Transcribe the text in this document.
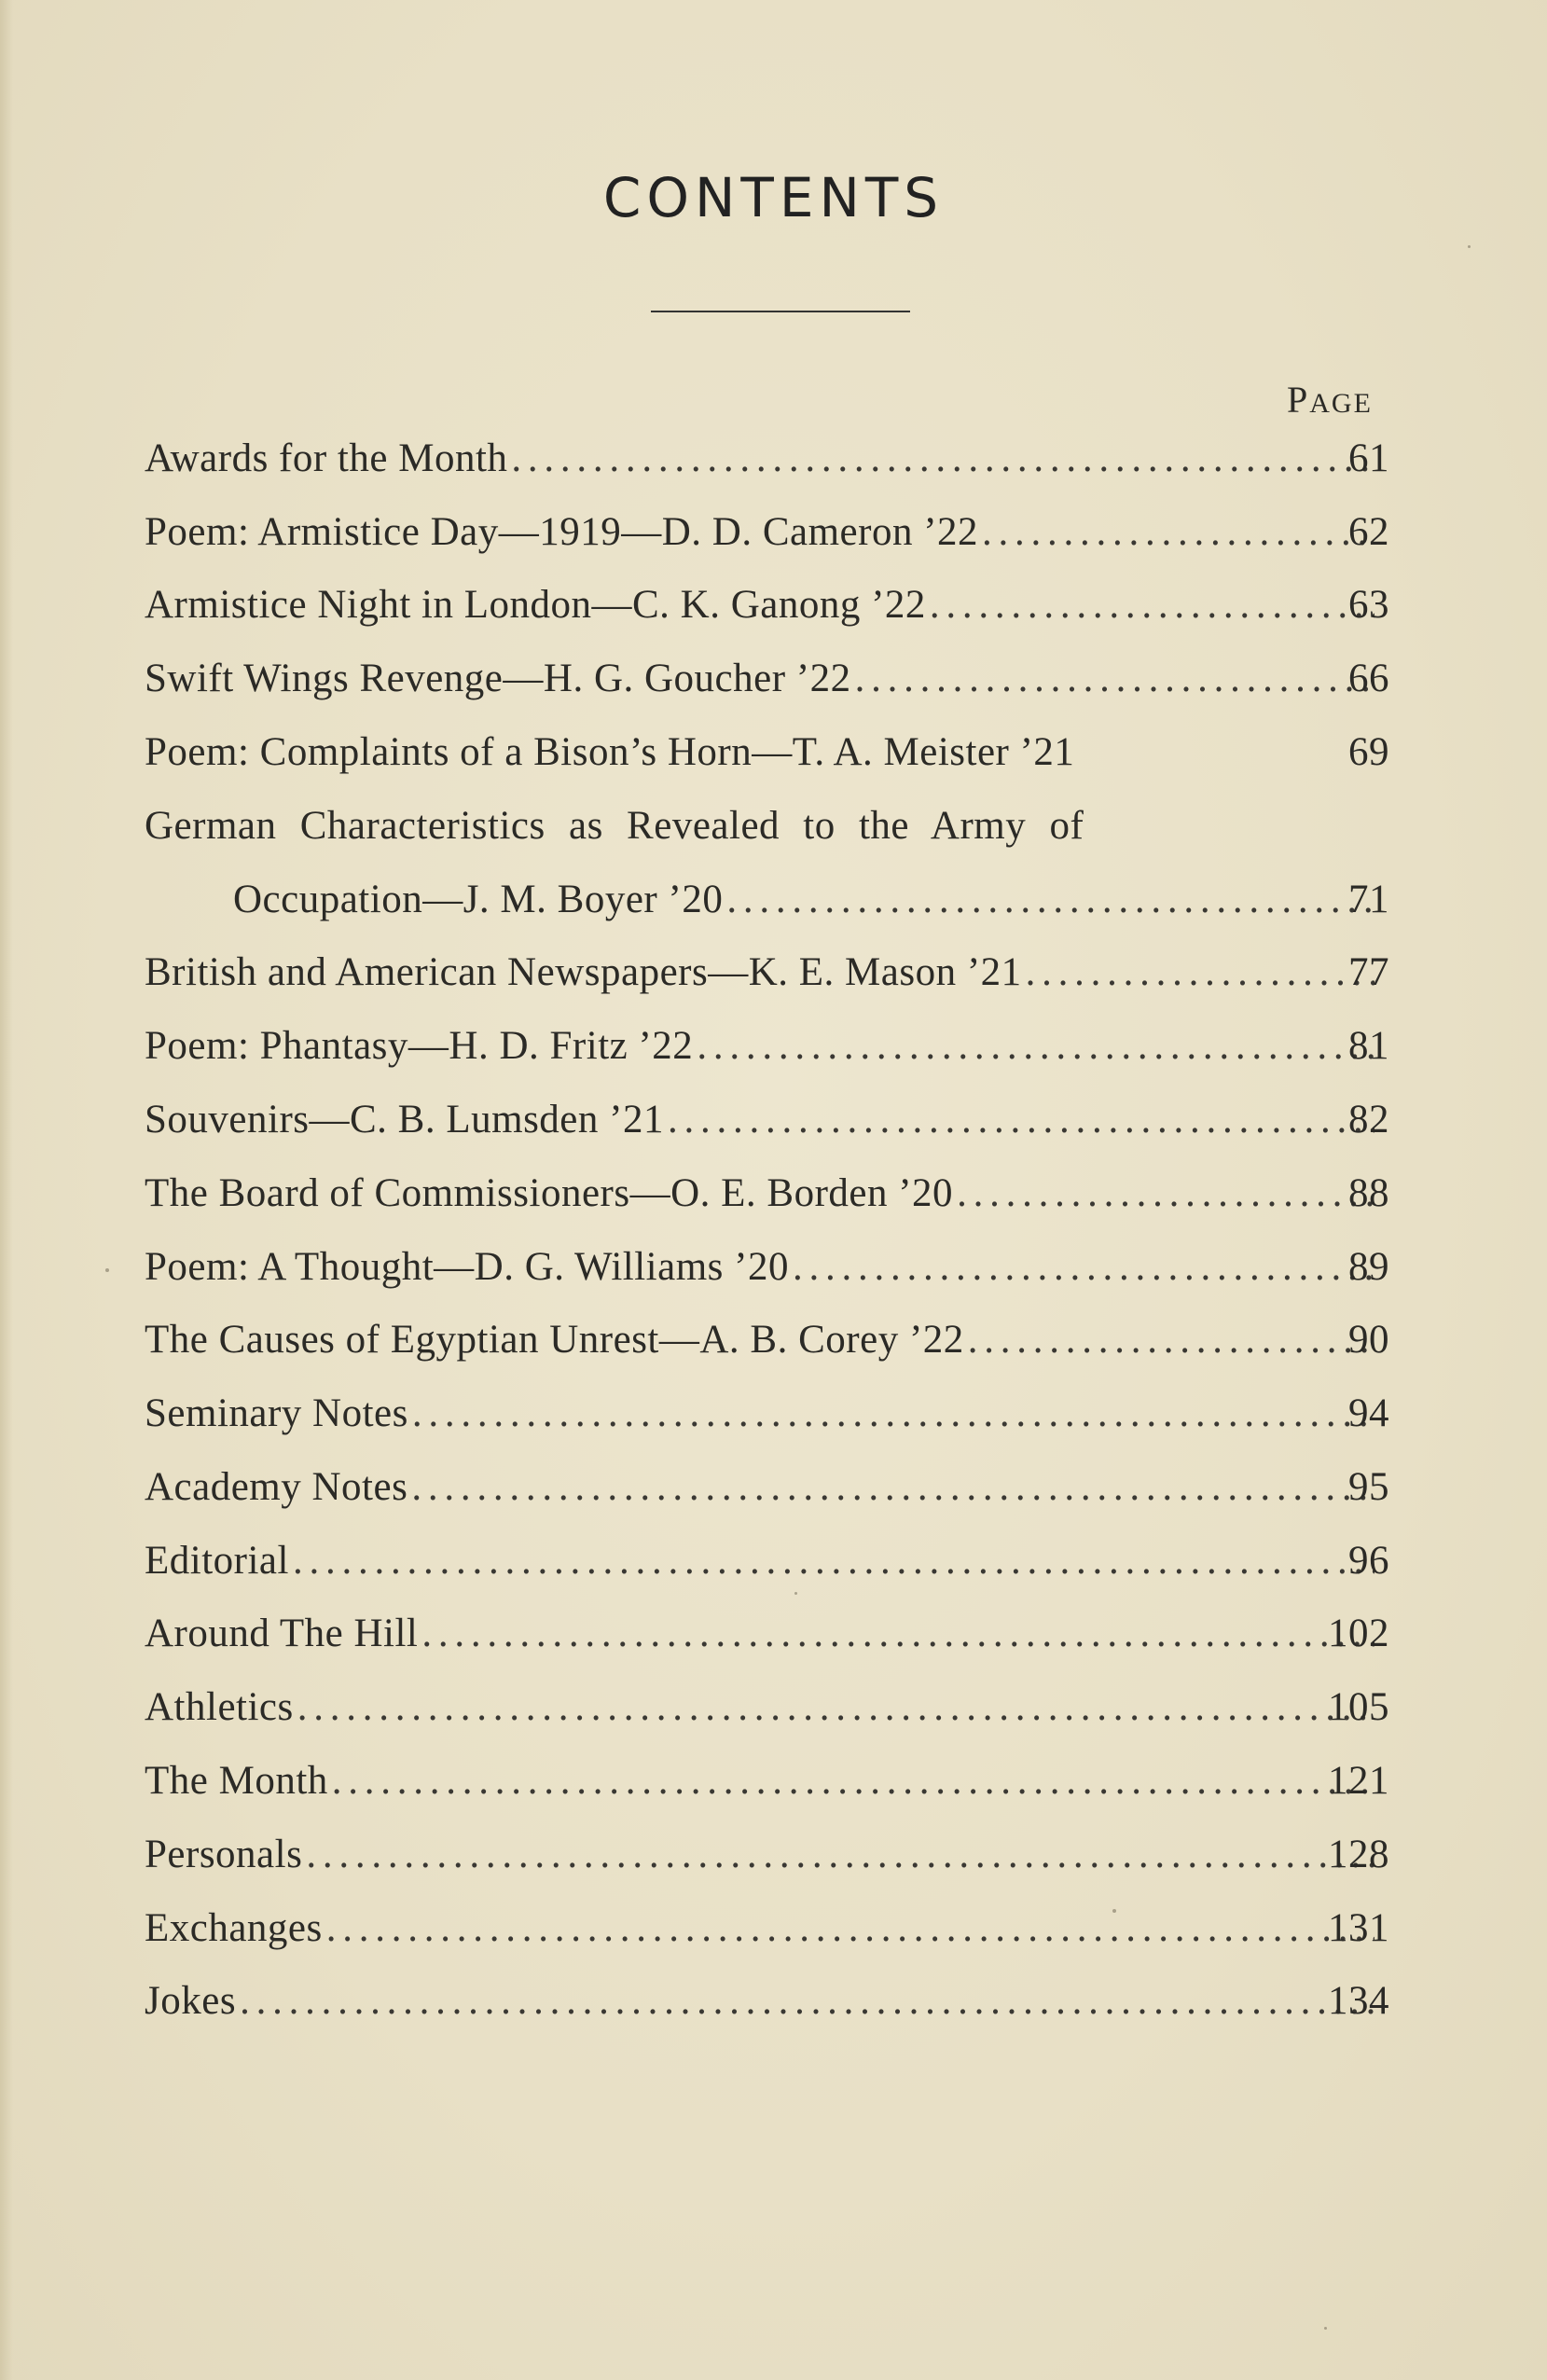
CONTENTS
PAGE
Awards for the Month . . .	61
Poem: Armistice Day—1919—D. D. Cameron ’22 . . .	62
Armistice Night in London—C. K. Ganong ’22 . . .	63
Swift Wings Revenge—H. G. Goucher ’22 . . .	66
Poem: Complaints of a Bison’s Horn—T. A. Meister ’21	69
German Characteristics as Revealed to the Army of
Occupation—J. M. Boyer ’20 . . .	71
British and American Newspapers—K. E. Mason ’21 . . .	77
Poem: Phantasy—H. D. Fritz ’22 . . .	81
Souvenirs—C. B. Lumsden ’21 . . .	82
The Board of Commissioners—O. E. Borden ’20 . . .	88
Poem: A Thought—D. G. Williams ’20 . . .	89
The Causes of Egyptian Unrest—A. B. Corey ’22 . . .	90
Seminary Notes . . .	94
Academy Notes . . .	95
Editorial . . .	96
Around The Hill . . .	102
Athletics . . .	105
The Month . . .	121
Personals . . .	128
Exchanges . . .	131
Jokes . . .	134
